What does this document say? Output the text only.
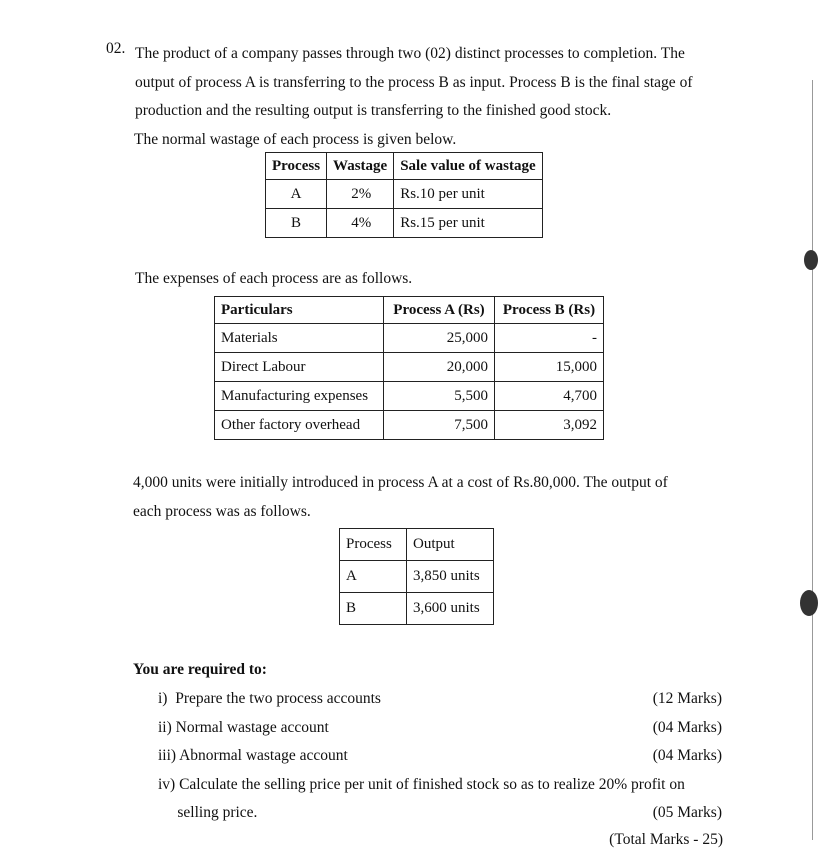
02. The product of a company passes through two (02) distinct processes to completion. The
output of process A is transferring to the process B as input. Process B is the final stage of
production and the resulting output is transferring to the finished good stock.
The normal wastage of each process is given below.
Process	Wastage	Sale value of wastage
A	2%	Rs.10 per unit
B	4%	Rs.15 per unit
The expenses of each process are as follows.
Particulars	Process A (Rs)	Process B (Rs)
Materials	25,000	-
Direct Labour	20,000	15,000
Manufacturing expenses	5,500	4,700
Other factory overhead	7,500	3,092
4,000 units were initially introduced in process A at a cost of Rs.80,000. The output of
each process was as follows.
Process	Output
A	3,850 units
B	3,600 units
You are required to:
i)  Prepare the two process accounts	(12 Marks)
ii) Normal wastage account	(04 Marks)
iii) Abnormal wastage account	(04 Marks)
iv) Calculate the selling price per unit of finished stock so as to realize 20% profit on
selling price.	(05 Marks)
(Total Marks - 25)
